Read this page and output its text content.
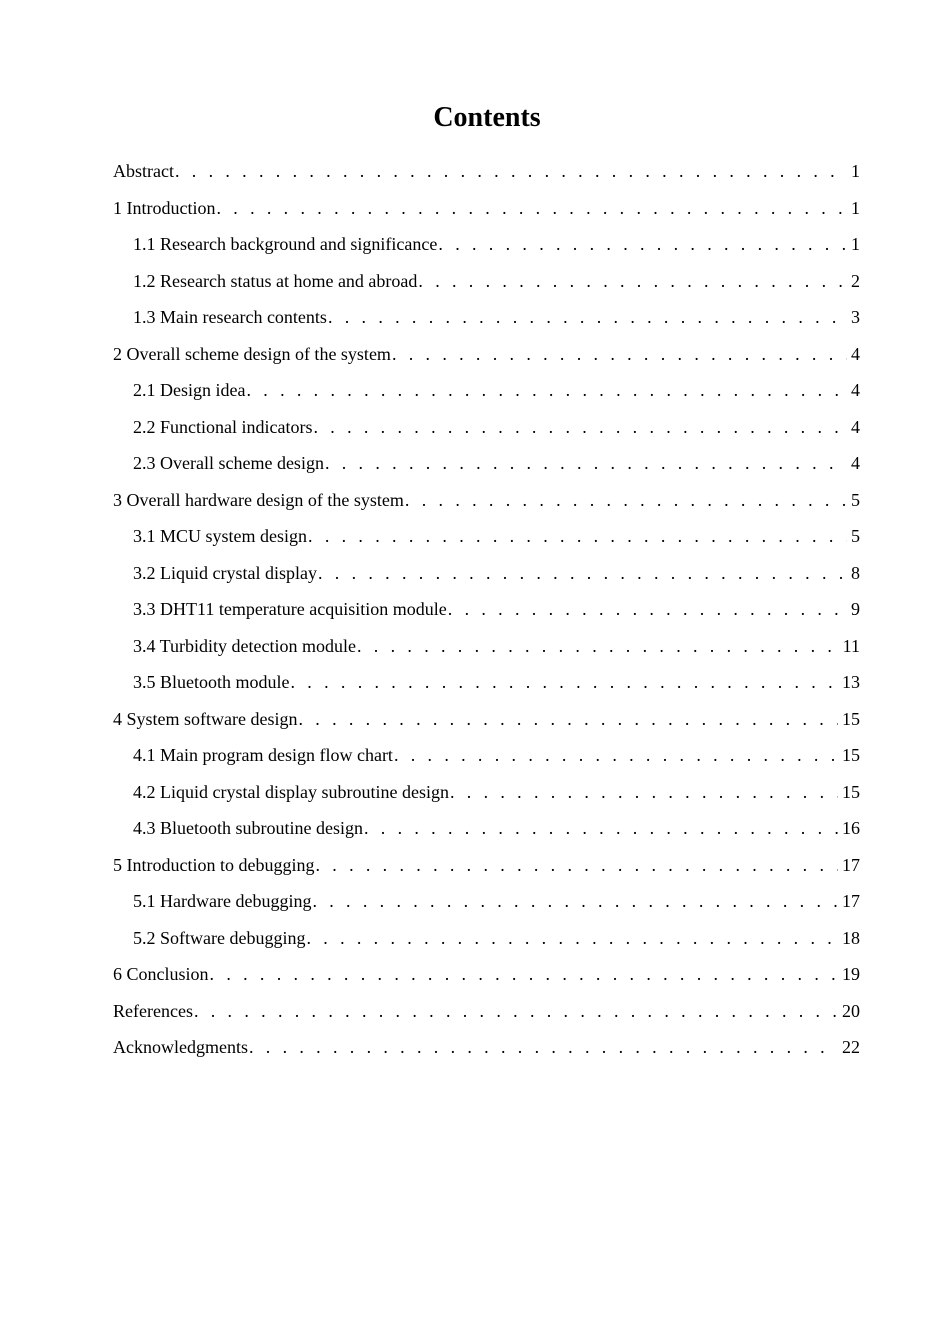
Contents
Abstract . . .	1
1 Introduction . . .	1
1.1 Research background and significance . . .	1
1.2 Research status at home and abroad . . .	2
1.3 Main research contents . . .	3
2 Overall scheme design of the system . . .	4
2.1 Design idea . . .	4
2.2 Functional indicators . . .	4
2.3 Overall scheme design . . .	4
3 Overall hardware design of the system . . .	5
3.1 MCU system design . . .	5
3.2 Liquid crystal display . . .	8
3.3 DHT11 temperature acquisition module . . .	9
3.4 Turbidity detection module . . .	11
3.5 Bluetooth module . . .	13
4 System software design . . .	15
4.1 Main program design flow chart . . .	15
4.2 Liquid crystal display subroutine design . . .	15
4.3 Bluetooth subroutine design . . .	16
5 Introduction to debugging . . .	17
5.1 Hardware debugging . . .	17
5.2 Software debugging . . .	18
6 Conclusion . . .	19
References . . .	20
Acknowledgments . . .	22
